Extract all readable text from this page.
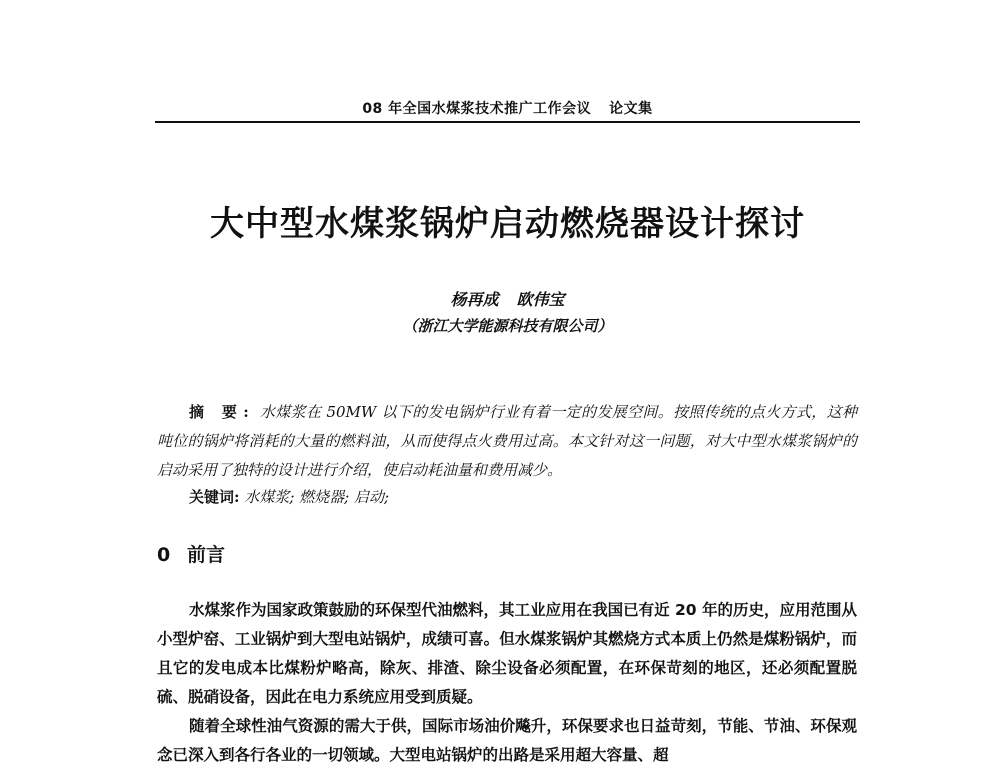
08 年全国水煤浆技术推广工作会议 论文集
大中型水煤浆锅炉启动燃烧器设计探讨
杨再成 欧伟宝
（浙江大学能源科技有限公司）

摘 要: 水煤浆在 50MW 以下的发电锅炉行业有着一定的发展空间。按照传统的点火方式，这种吨位的锅炉将消耗的大量的燃料油，从而使得点火费用过高。本文针对这一问题，对大中型水煤浆锅炉的启动采用了独特的设计进行介绍，使启动耗油量和费用减少。

关键词: 水煤浆; 燃烧器; 启动;

0 前言

水煤浆作为国家政策鼓励的环保型代油燃料，其工业应用在我国已有近 20 年的历史，应用范围从小型炉窑、工业锅炉到大型电站锅炉，成绩可喜。但水煤浆锅炉其燃烧方式本质上仍然是煤粉锅炉，而且它的发电成本比煤粉炉略高，除灰、排渣、除尘设备必须配置，在环保苛刻的地区，还必须配置脱硫、脱硝设备，因此在电力系统应用受到质疑。

随着全球性油气资源的需大于供，国际市场油价飚升，环保要求也日益苛刻，节能、节油、环保观念已深入到各行各业的一切领域。大型电站锅炉的出路是采用超大容量、超
